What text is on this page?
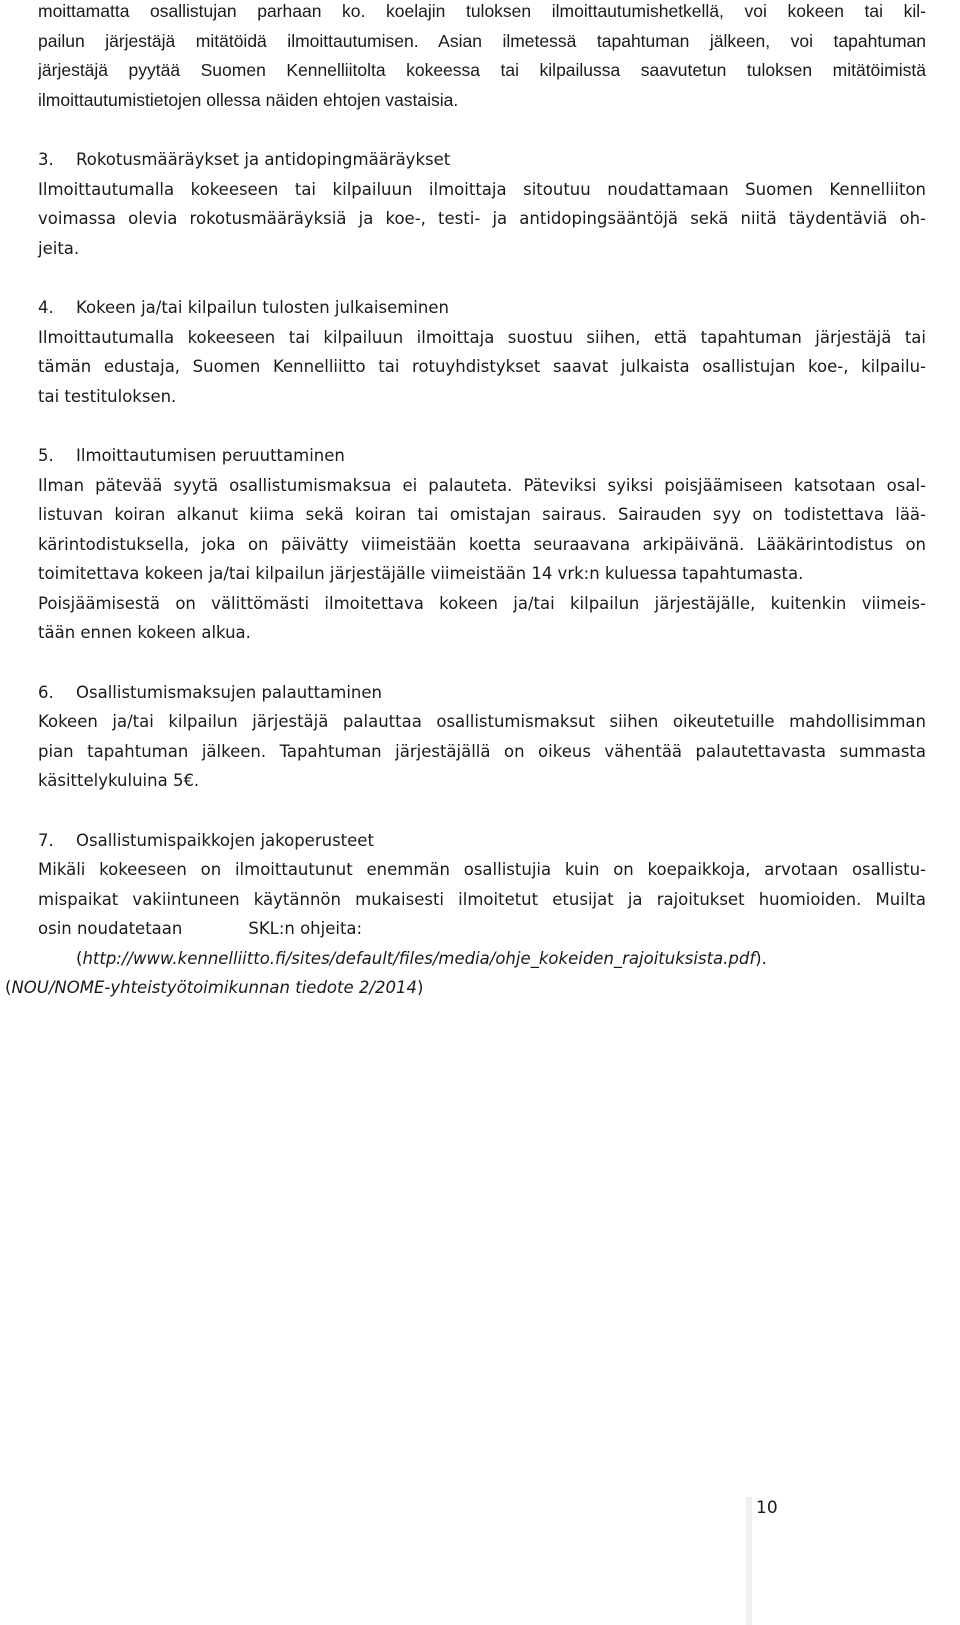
moittamatta osallistujan parhaan ko. koelajin tuloksen ilmoittautumishetkellä, voi kokeen tai kil-
pailun järjestäjä mitätöidä ilmoittautumisen. Asian ilmetessä tapahtuman jälkeen, voi tapahtuman
järjestäjä pyytää Suomen Kennelliitolta kokeessa tai kilpailussa saavutetun tuloksen mitätöimistä
ilmoittautumistietojen ollessa näiden ehtojen vastaisia.
3. Rokotusmääräykset ja antidopingmääräykset
Ilmoittautumalla kokeeseen tai kilpailuun ilmoittaja sitoutuu noudattamaan Suomen Kennelliiton
voimassa olevia rokotusmääräyksiä ja koe-, testi- ja antidopingsääntöjä sekä niitä täydentäviä oh-
jeita.
4. Kokeen ja/tai kilpailun tulosten julkaiseminen
Ilmoittautumalla kokeeseen tai kilpailuun ilmoittaja suostuu siihen, että tapahtuman järjestäjä tai
tämän edustaja, Suomen Kennelliitto tai rotuyhdistykset saavat julkaista osallistujan koe-, kilpailu-
tai testituloksen.
5. Ilmoittautumisen peruuttaminen
Ilman pätevää syytä osallistumismaksua ei palauteta. Päteviksi syiksi poisjäämiseen katsotaan osal-
listuvan koiran alkanut kiima sekä koiran tai omistajan sairaus. Sairauden syy on todistettava lää-
kärintodistuksella, joka on päivätty viimeistään koetta seuraavana arkipäivänä. Lääkärintodistus on
toimitettava kokeen ja/tai kilpailun järjestäjälle viimeistään 14 vrk:n kuluessa tapahtumasta.
Poisjäämisestä on välittömästi ilmoitettava kokeen ja/tai kilpailun järjestäjälle, kuitenkin viimeis-
tään ennen kokeen alkua.
6. Osallistumismaksujen palauttaminen
Kokeen ja/tai kilpailun järjestäjä palauttaa osallistumismaksut siihen oikeutetuille mahdollisimman
pian tapahtuman jälkeen. Tapahtuman järjestäjällä on oikeus vähentää palautettavasta summasta
käsittelykuluina 5€.
7. Osallistumispaikkojen jakoperusteet
Mikäli kokeeseen on ilmoittautunut enemmän osallistujia kuin on koepaikkoja, arvotaan osallistu-
mispaikat vakiintuneen käytännön mukaisesti ilmoitetut etusijat ja rajoitukset huomioiden. Muilta
osin noudatetaan	SKL:n ohjeita:
(http://www.kennelliitto.fi/sites/default/files/media/ohje_kokeiden_rajoituksista.pdf).
(NOU/NOME-yhteistyötoimikunnan tiedote 2/2014)
10
